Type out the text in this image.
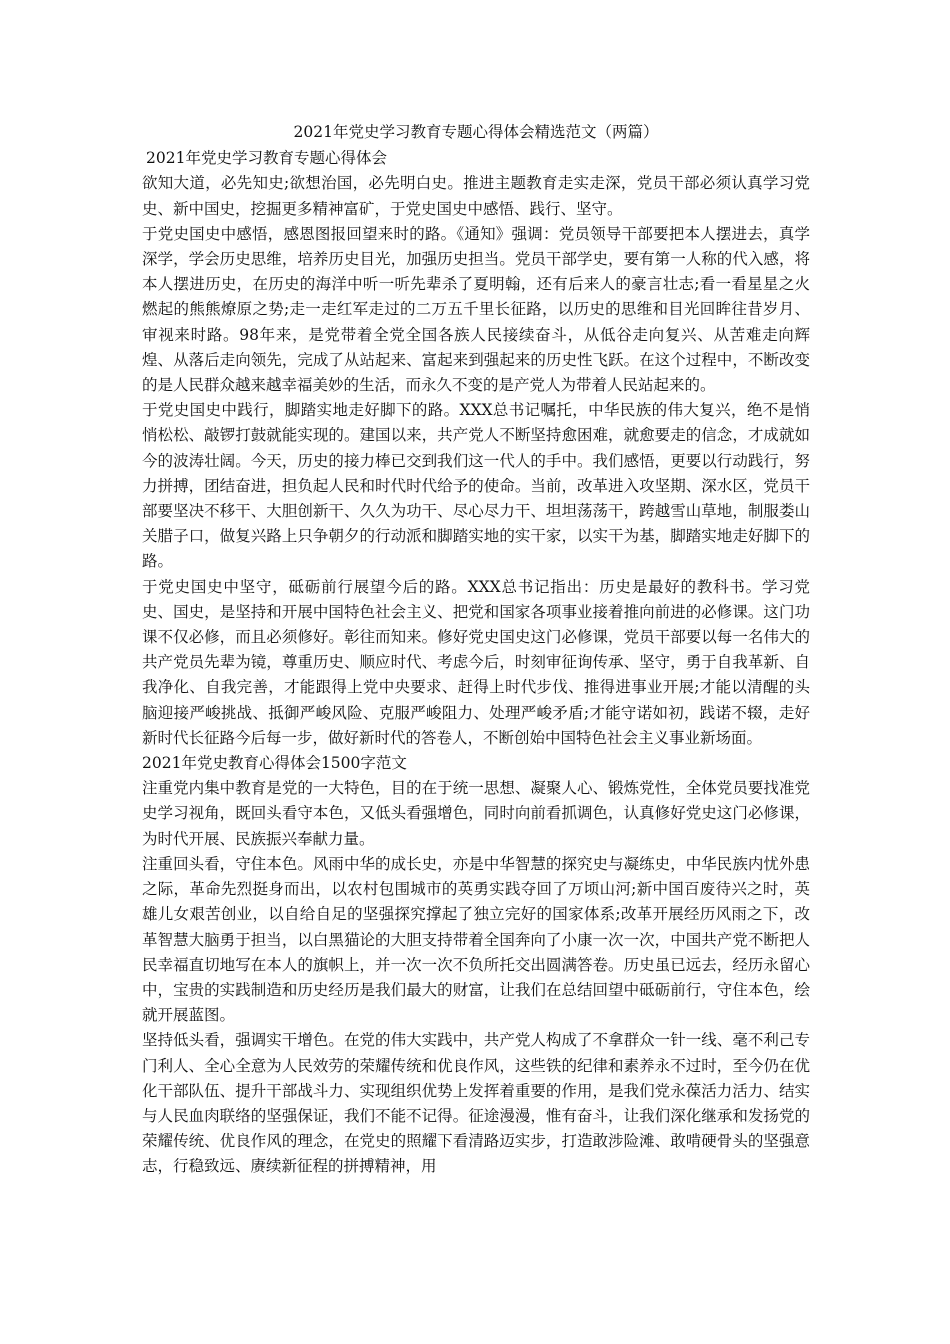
2021年党史学习教育专题心得体会精选范文（两篇）
2021年党史学习教育专题心得体会

欲知大道，必先知史;欲想治国，必先明白史。推进主题教育走实走深，党员干部必须认真学习党史、新中国史，挖掘更多精神富矿，于党史国史中感悟、践行、坚守。

于党史国史中感悟，感恩图报回望来时的路。《通知》强调：党员领导干部要把本人摆进去，真学深学，学会历史思维，培养历史目光，加强历史担当。党员干部学史，要有第一人称的代入感，将本人摆进历史，在历史的海洋中听一听先辈杀了夏明翰，还有后来人的豪言壮志;看一看星星之火燃起的熊熊燎原之势;走一走红军走过的二万五千里长征路，以历史的思维和目光回眸往昔岁月、审视来时路。98年来，是党带着全党全国各族人民接续奋斗，从低谷走向复兴、从苦难走向辉煌、从落后走向领先，完成了从站起来、富起来到强起来的历史性飞跃。在这个过程中，不断改变的是人民群众越来越幸福美妙的生活，而永久不变的是产党人为带着人民站起来的。

于党史国史中践行，脚踏实地走好脚下的路。XXX总书记嘱托，中华民族的伟大复兴，绝不是悄悄松松、敲锣打鼓就能实现的。建国以来，共产党人不断坚持愈困难，就愈要走的信念，才成就如今的波涛壮阔。今天，历史的接力棒已交到我们这一代人的手中。我们感悟，更要以行动践行，努力拼搏，团结奋进，担负起人民和时代时代给予的使命。当前，改革进入攻坚期、深水区，党员干部要坚决不移干、大胆创新干、久久为功干、尽心尽力干、坦坦荡荡干，跨越雪山草地，制服娄山关腊子口，做复兴路上只争朝夕的行动派和脚踏实地的实干家，以实干为基，脚踏实地走好脚下的路。

于党史国史中坚守，砥砺前行展望今后的路。XXX总书记指出：历史是最好的教科书。学习党史、国史，是坚持和开展中国特色社会主义、把党和国家各项事业接着推向前进的必修课。这门功课不仅必修，而且必须修好。彰往而知来。修好党史国史这门必修课，党员干部要以每一名伟大的共产党员先辈为镜，尊重历史、顺应时代、考虑今后，时刻审征询传承、坚守，勇于自我革新、自我净化、自我完善，才能跟得上党中央要求、赶得上时代步伐、推得进事业开展;才能以清醒的头脑迎接严峻挑战、抵御严峻风险、克服严峻阻力、处理严峻矛盾;才能守诺如初，践诺不辍，走好新时代长征路今后每一步，做好新时代的答卷人，不断创始中国特色社会主义事业新场面。

2021年党史教育心得体会1500字范文

注重党内集中教育是党的一大特色，目的在于统一思想、凝聚人心、锻炼党性，全体党员要找准党史学习视角，既回头看守本色，又低头看强增色，同时向前看抓调色，认真修好党史这门必修课，为时代开展、民族振兴奉献力量。

注重回头看，守住本色。风雨中华的成长史，亦是中华智慧的探究史与凝练史，中华民族内忧外患之际，革命先烈挺身而出，以农村包围城市的英勇实践夺回了万顷山河;新中国百废待兴之时，英雄儿女艰苦创业，以自给自足的坚强探究撑起了独立完好的国家体系;改革开展经历风雨之下，改革智慧大脑勇于担当，以白黑猫论的大胆支持带着全国奔向了小康一次一次，中国共产党不断把人民幸福直切地写在本人的旗帜上，并一次一次不负所托交出圆满答卷。历史虽已远去，经历永留心中，宝贵的实践制造和历史经历是我们最大的财富，让我们在总结回望中砥砺前行，守住本色，绘就开展蓝图。

坚持低头看，强调实干增色。在党的伟大实践中，共产党人构成了不拿群众一针一线、毫不利己专门利人、全心全意为人民效劳的荣耀传统和优良作风，这些铁的纪律和素养永不过时，至今仍在优化干部队伍、提升干部战斗力、实现组织优势上发挥着重要的作用，是我们党永葆活力活力、结实与人民血肉联络的坚强保证，我们不能不记得。征途漫漫，惟有奋斗，让我们深化继承和发扬党的荣耀传统、优良作风的理念，在党史的照耀下看清路迈实步，打造敢涉险滩、敢啃硬骨头的坚强意志，行稳致远、赓续新征程的拼搏精神，用
